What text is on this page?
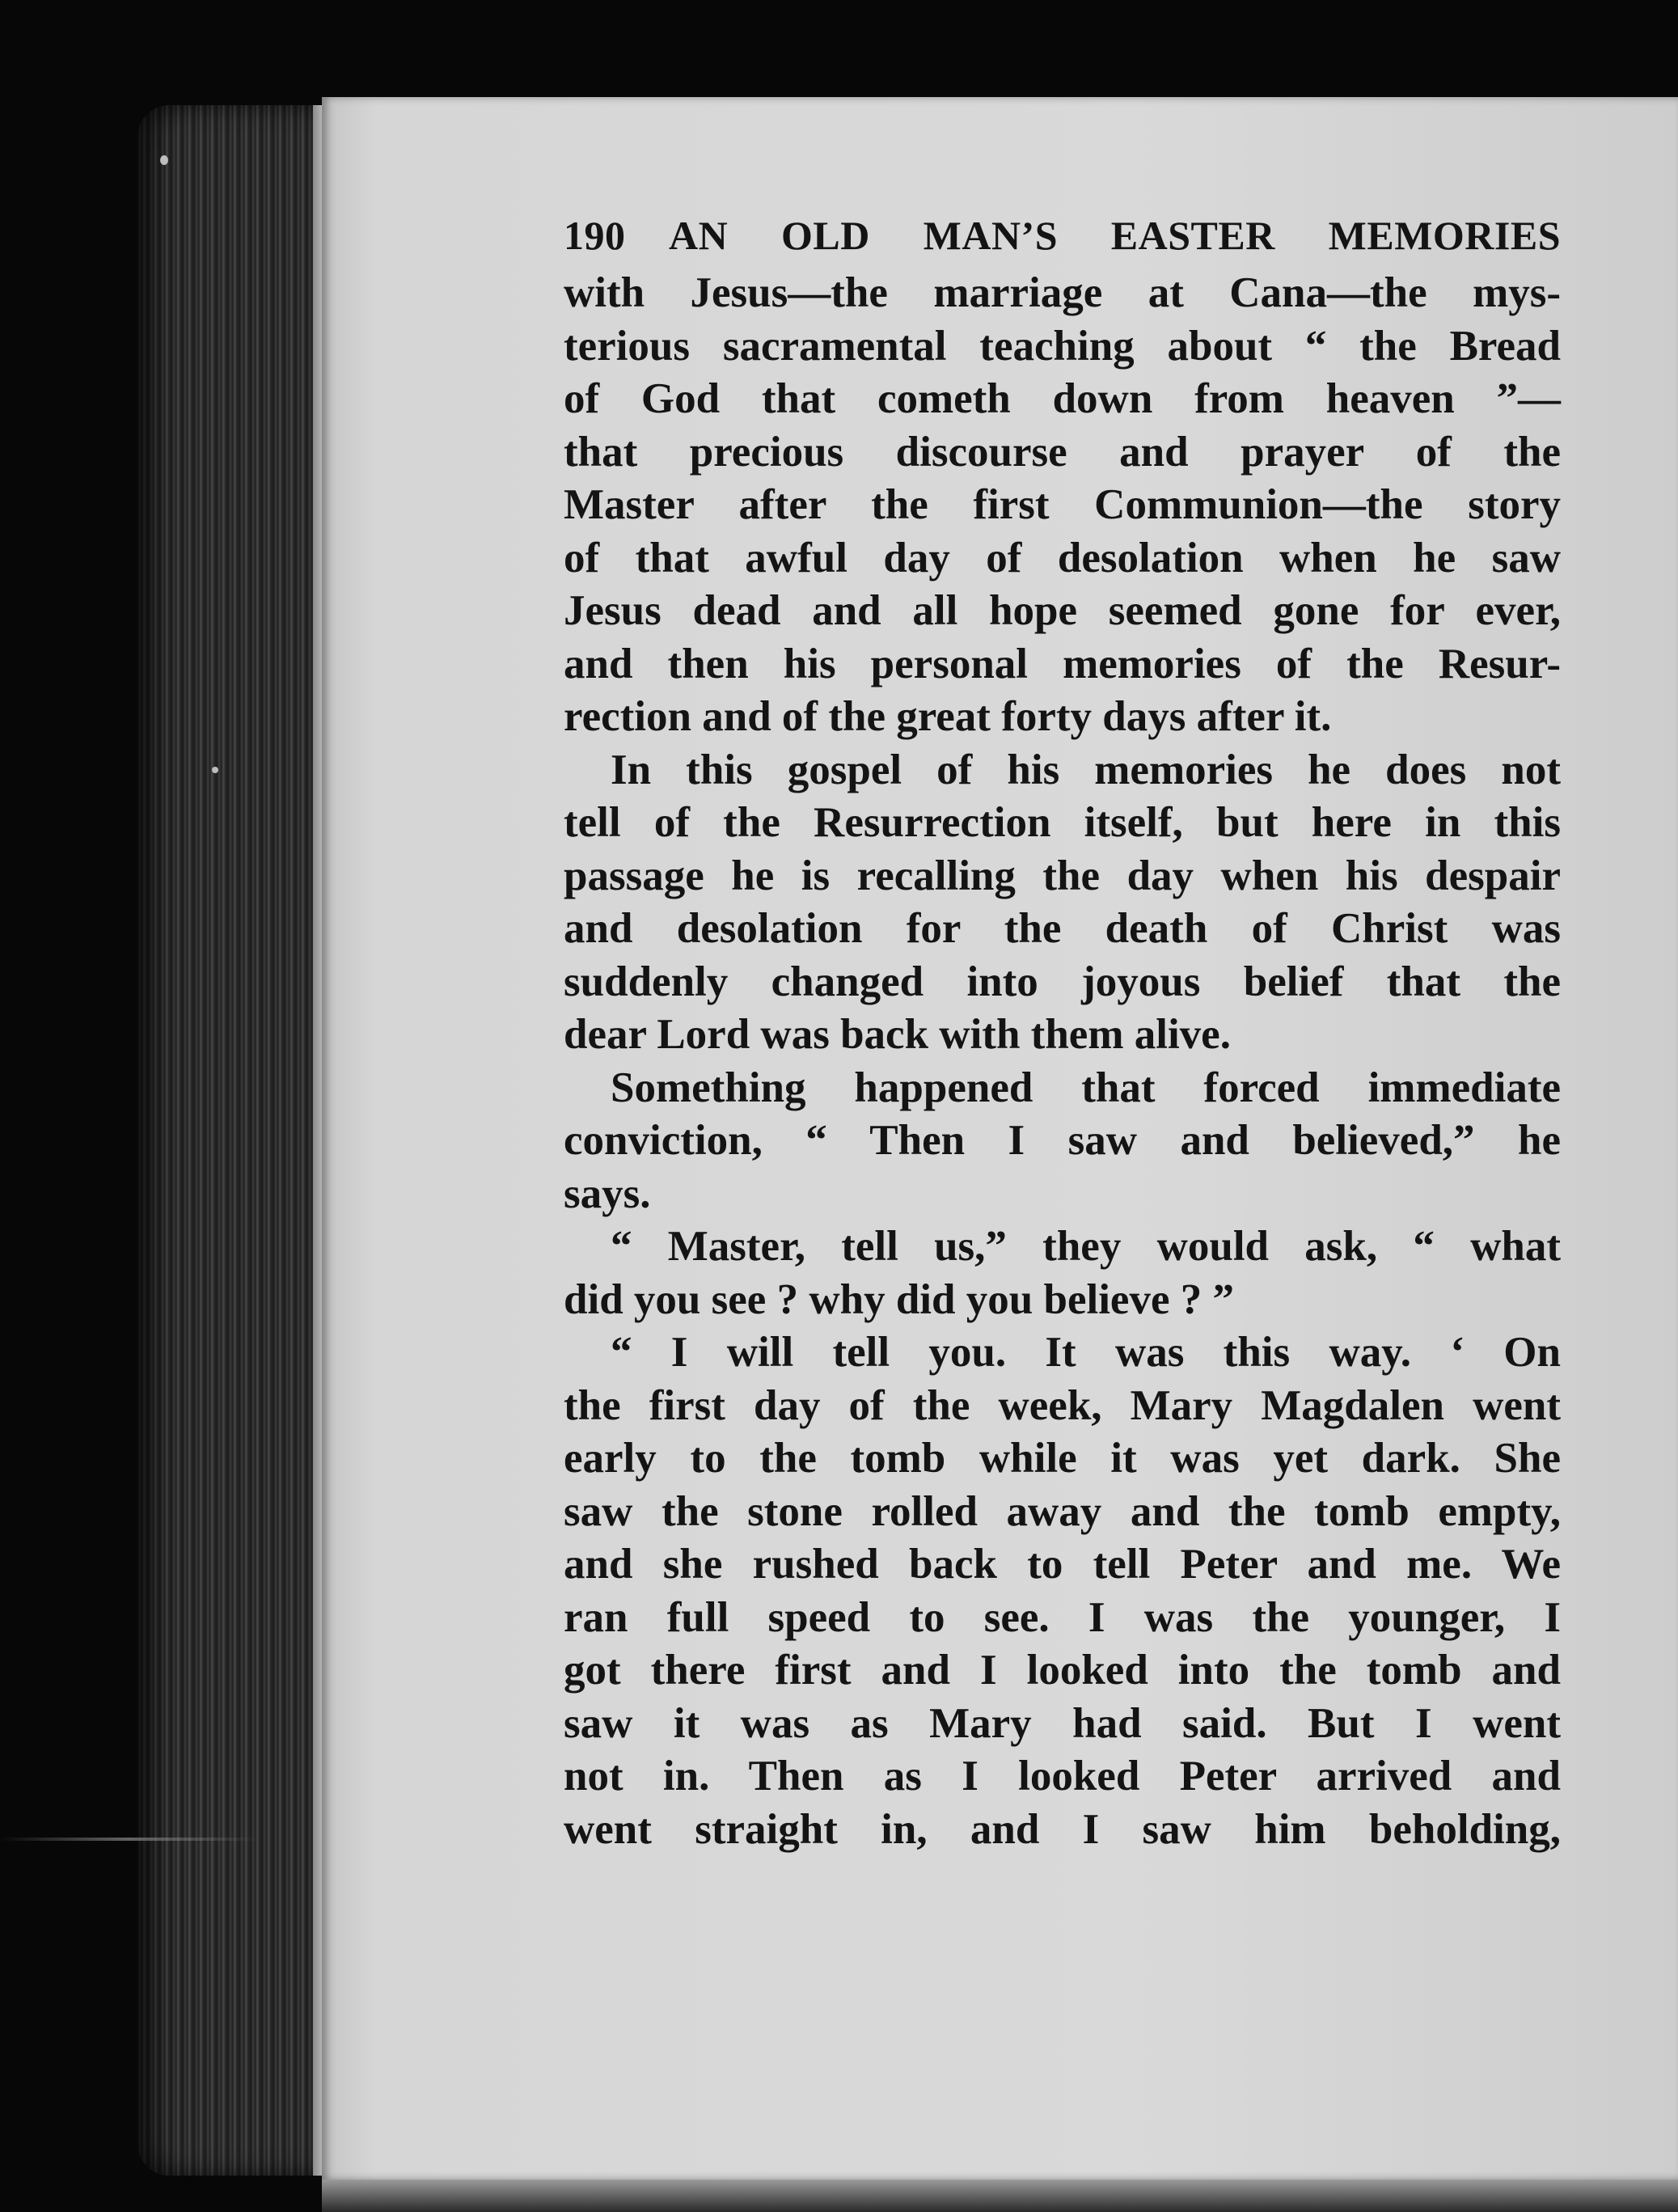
190	AN OLD MAN’S EASTER MEMORIES
with Jesus—the marriage at Cana—the mys-
terious sacramental teaching about “ the Bread
of God that cometh down from heaven ”—
that precious discourse and prayer of the
Master after the first Communion—the story
of that awful day of desolation when he saw
Jesus dead and all hope seemed gone for ever,
and then his personal memories of the Resur-
rection and of the great forty days after it.
In this gospel of his memories he does not
tell of the Resurrection itself, but here in this
passage he is recalling the day when his despair
and desolation for the death of Christ was
suddenly changed into joyous belief that the
dear Lord was back with them alive.
Something happened that forced immediate
conviction, “ Then I saw and believed,” he
says.
“ Master, tell us,” they would ask, “ what
did you see ? why did you believe ? ”
“ I will tell you. It was this way. ‘ On
the first day of the week, Mary Magdalen went
early to the tomb while it was yet dark. She
saw the stone rolled away and the tomb empty,
and she rushed back to tell Peter and me. We
ran full speed to see. I was the younger, I
got there first and I looked into the tomb and
saw it was as Mary had said. But I went
not in. Then as I looked Peter arrived and
went straight in, and I saw him beholding,
